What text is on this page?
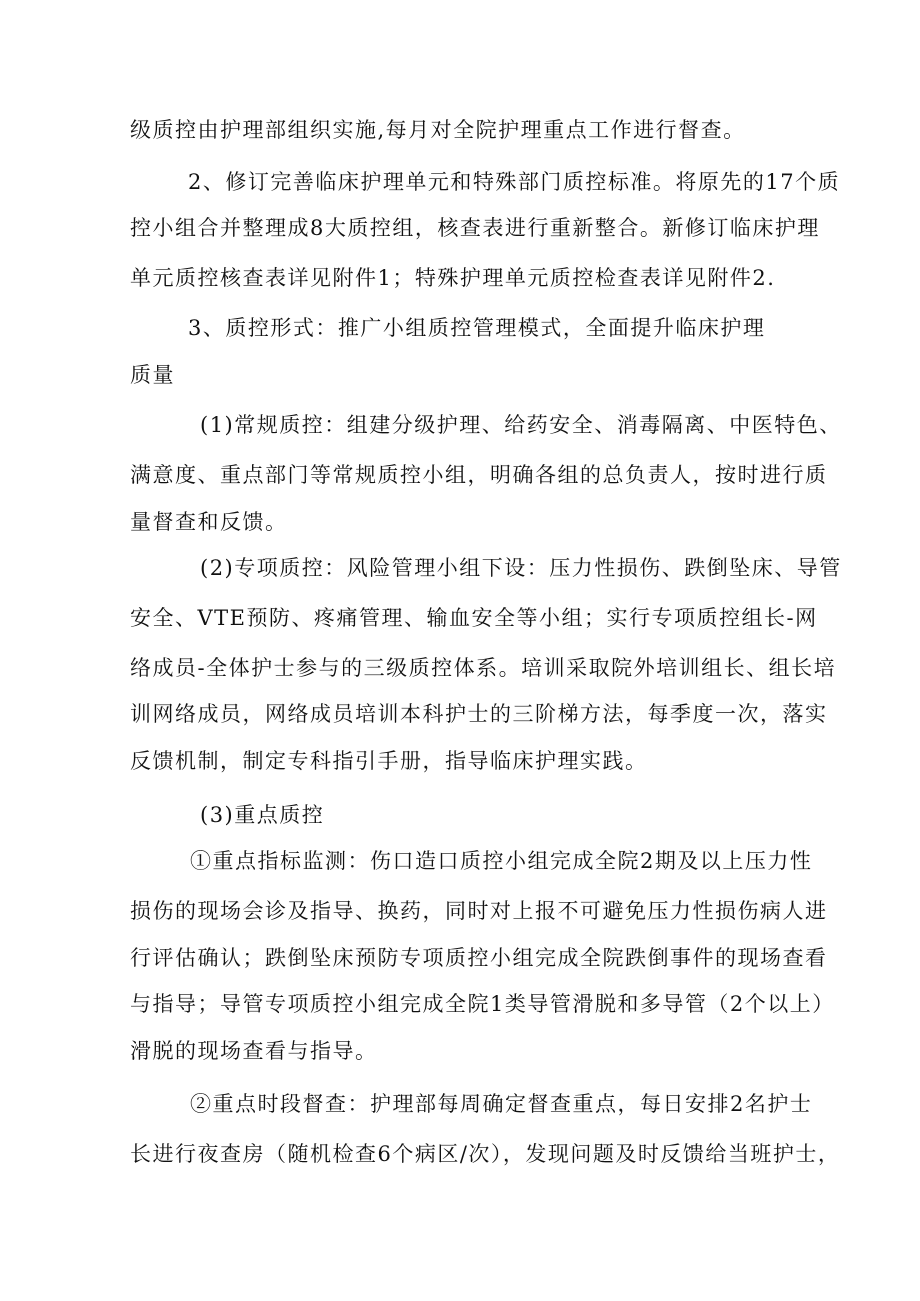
级质控由护理部组织实施,每月对全院护理重点工作进行督查。
2、修订完善临床护理单元和特殊部门质控标准。将原先的17个质
控小组合并整理成8大质控组，核查表进行重新整合。新修订临床护理
单元质控核查表详见附件1；特殊护理单元质控检查表详见附件2.
3、质控形式：推广小组质控管理模式，全面提升临床护理
质量
(1)常规质控：组建分级护理、给药安全、消毒隔离、中医特色、
满意度、重点部门等常规质控小组，明确各组的总负责人，按时进行质
量督查和反馈。
(2)专项质控：风险管理小组下设：压力性损伤、跌倒坠床、导管
安全、VTE预防、疼痛管理、输血安全等小组；实行专项质控组长-网
络成员-全体护士参与的三级质控体系。培训采取院外培训组长、组长培
训网络成员，网络成员培训本科护士的三阶梯方法，每季度一次，落实
反馈机制，制定专科指引手册，指导临床护理实践。
(3)重点质控
①重点指标监测：伤口造口质控小组完成全院2期及以上压力性
损伤的现场会诊及指导、换药，同时对上报不可避免压力性损伤病人进
行评估确认；跌倒坠床预防专项质控小组完成全院跌倒事件的现场查看
与指导；导管专项质控小组完成全院1类导管滑脱和多导管（2个以上）
滑脱的现场查看与指导。
②重点时段督查：护理部每周确定督查重点，每日安排2名护士
长进行夜查房（随机检查6个病区/次），发现问题及时反馈给当班护士，
